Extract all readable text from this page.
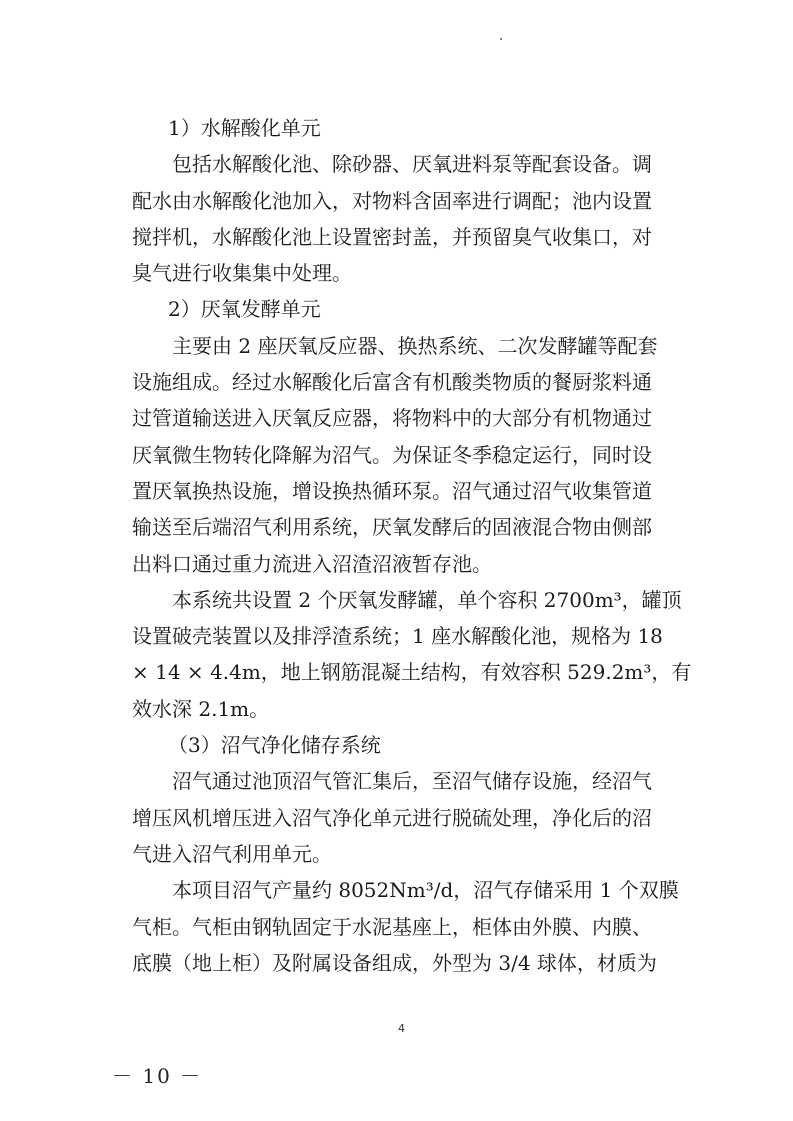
1）水解酸化单元
包括水解酸化池、除砂器、厌氧进料泵等配套设备。调
配水由水解酸化池加入，对物料含固率进行调配；池内设置
搅拌机，水解酸化池上设置密封盖，并预留臭气收集口，对
臭气进行收集集中处理。
2）厌氧发酵单元
主要由 2 座厌氧反应器、换热系统、二次发酵罐等配套
设施组成。经过水解酸化后富含有机酸类物质的餐厨浆料通
过管道输送进入厌氧反应器，将物料中的大部分有机物通过
厌氧微生物转化降解为沼气。为保证冬季稳定运行，同时设
置厌氧换热设施，增设换热循环泵。沼气通过沼气收集管道
输送至后端沼气利用系统，厌氧发酵后的固液混合物由侧部
出料口通过重力流进入沼渣沼液暂存池。
本系统共设置 2 个厌氧发酵罐，单个容积 2700m³，罐顶
设置破壳装置以及排浮渣系统；1 座水解酸化池，规格为 18
× 14 × 4.4m，地上钢筋混凝土结构，有效容积 529.2m³，有
效水深 2.1m。
（3）沼气净化储存系统
沼气通过池顶沼气管汇集后，至沼气储存设施，经沼气
增压风机增压进入沼气净化单元进行脱硫处理，净化后的沼
气进入沼气利用单元。
本项目沼气产量约 8052Nm³/d，沼气存储采用 1 个双膜
气柜。气柜由钢轨固定于水泥基座上，柜体由外膜、内膜、
底膜（地上柜）及附属设备组成，外型为 3/4 球体，材质为
4
－ 10 －
